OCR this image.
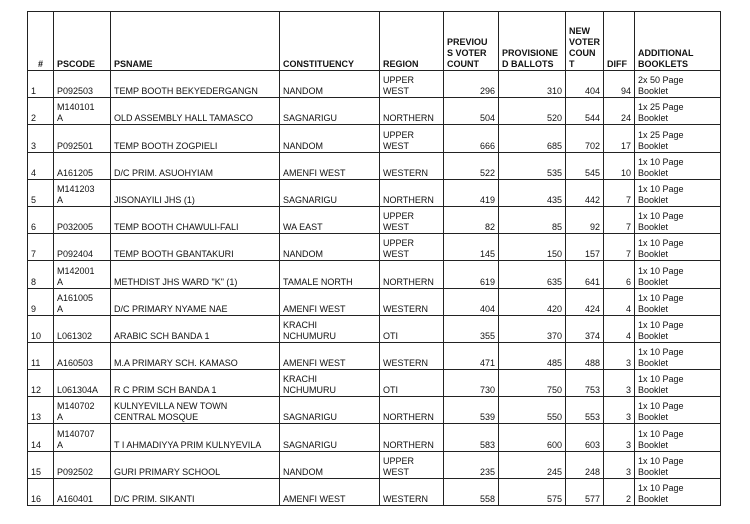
#	PSCODE	PSNAME	CONSTITUENCY	REGION	PREVIOU
S VOTER
COUNT	PROVISIONE
D BALLOTS	NEW
VOTER
COUN
T	DIFF	ADDITIONAL
BOOKLETS
1	P092503	TEMP BOOTH BEKYEDERGANGN	NANDOM	UPPER
WEST	296	310	404	94	2x 50 Page
Booklet
2	M140101
A	OLD ASSEMBLY HALL TAMASCO	SAGNARIGU	NORTHERN	504	520	544	24	1x 25 Page
Booklet
3	P092501	TEMP BOOTH ZOGPIELI	NANDOM	UPPER
WEST	666	685	702	17	1x 25 Page
Booklet
4	A161205	D/C PRIM. ASUOHYIAM	AMENFI WEST	WESTERN	522	535	545	10	1x 10 Page
Booklet
5	M141203
A	JISONAYILI JHS (1)	SAGNARIGU	NORTHERN	419	435	442	7	1x 10 Page
Booklet
6	P032005	TEMP BOOTH CHAWULI-FALI	WA EAST	UPPER
WEST	82	85	92	7	1x 10 Page
Booklet
7	P092404	TEMP BOOTH GBANTAKURI	NANDOM	UPPER
WEST	145	150	157	7	1x 10 Page
Booklet
8	M142001
A	METHDIST JHS WARD "K" (1)	TAMALE NORTH	NORTHERN	619	635	641	6	1x 10 Page
Booklet
9	A161005
A	D/C PRIMARY NYAME NAE	AMENFI WEST	WESTERN	404	420	424	4	1x 10 Page
Booklet
10	L061302	ARABIC SCH BANDA 1	KRACHI
NCHUMURU	OTI	355	370	374	4	1x 10 Page
Booklet
11	A160503	M.A PRIMARY SCH. KAMASO	AMENFI WEST	WESTERN	471	485	488	3	1x 10 Page
Booklet
12	L061304A	R C PRIM SCH BANDA 1	KRACHI
NCHUMURU	OTI	730	750	753	3	1x 10 Page
Booklet
13	M140702
A	KULNYEVILLA NEW TOWN
CENTRAL MOSQUE	SAGNARIGU	NORTHERN	539	550	553	3	1x 10 Page
Booklet
14	M140707
A	T I AHMADIYYA PRIM KULNYEVILA	SAGNARIGU	NORTHERN	583	600	603	3	1x 10 Page
Booklet
15	P092502	GURI PRIMARY SCHOOL	NANDOM	UPPER
WEST	235	245	248	3	1x 10 Page
Booklet
16	A160401	D/C PRIM. SIKANTI	AMENFI WEST	WESTERN	558	575	577	2	1x 10 Page
Booklet
